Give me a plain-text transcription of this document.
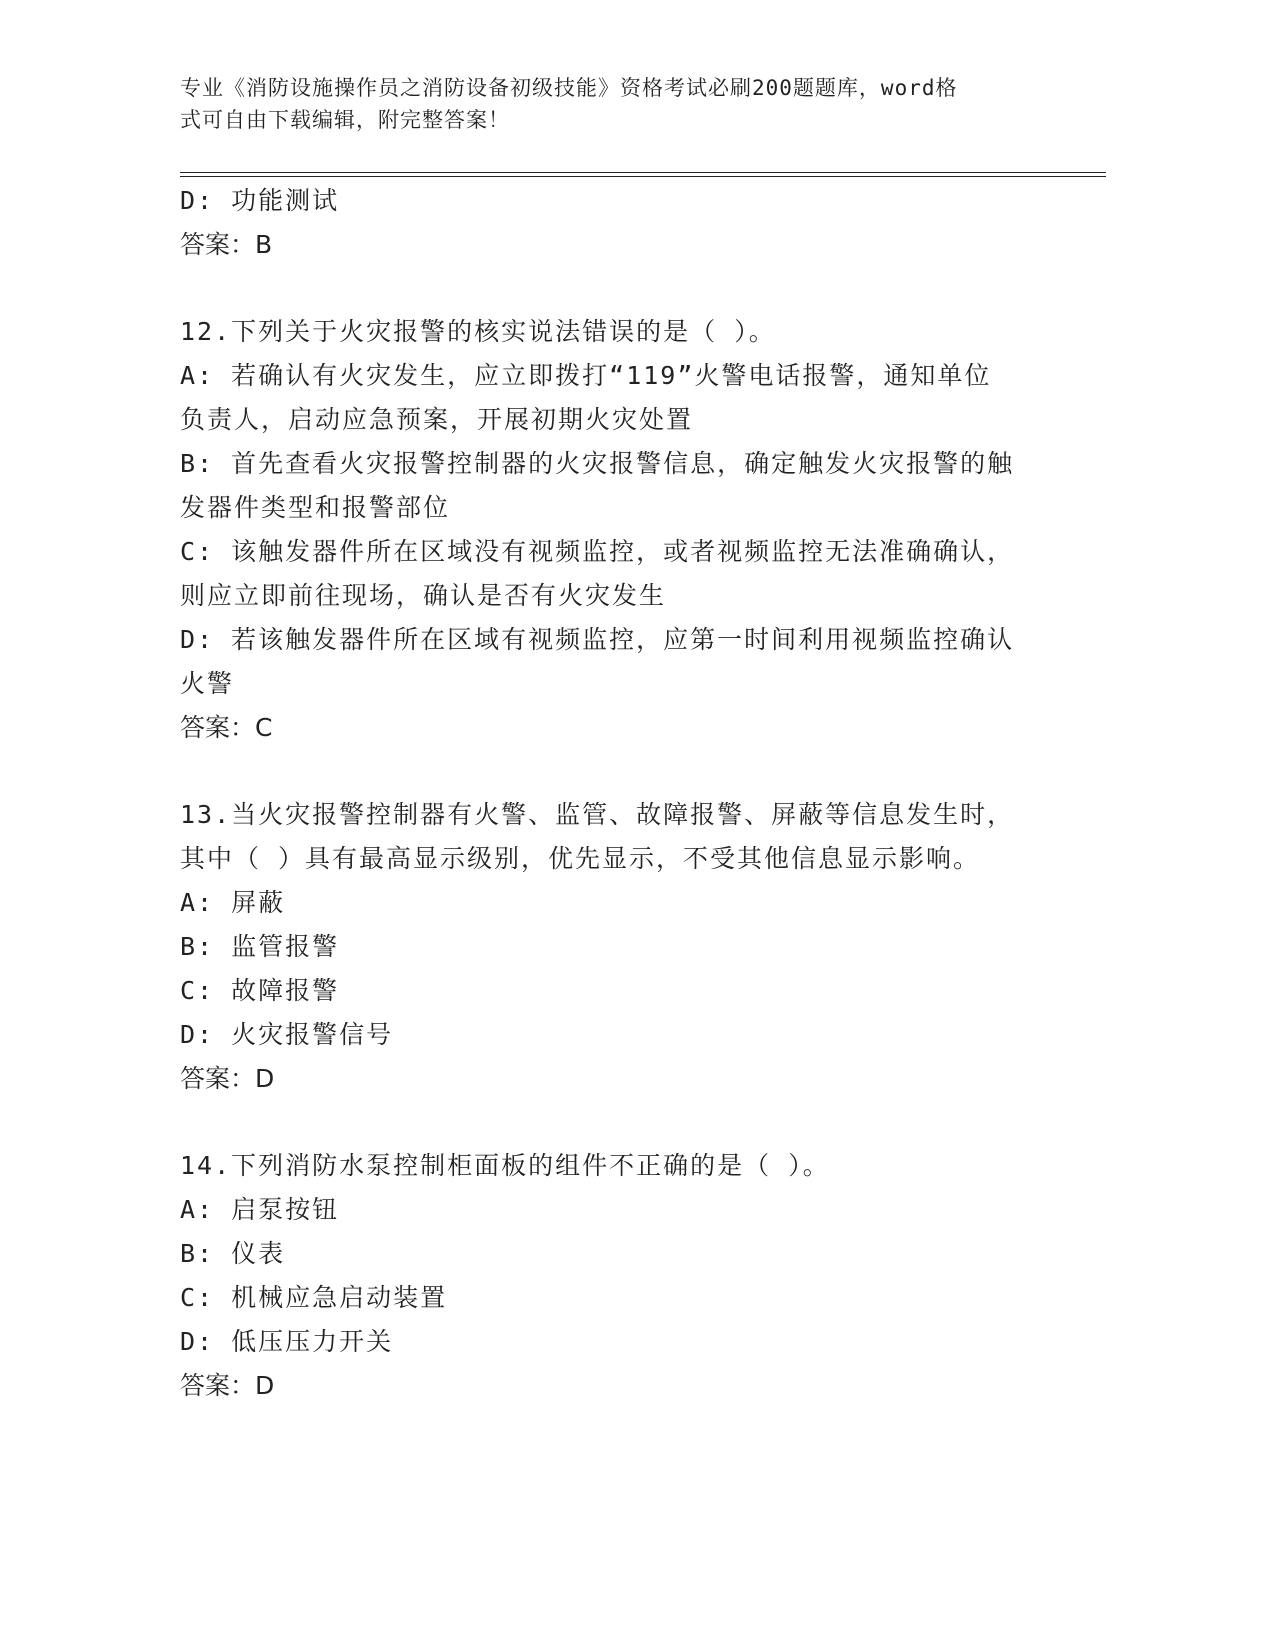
专业《消防设施操作员之消防设备初级技能》资格考试必刷200题题库，word格
式可自由下载编辑，附完整答案！
D: 功能测试
答案：B
12.下列关于火灾报警的核实说法错误的是（ ）。
A: 若确认有火灾发生，应立即拨打“119”火警电话报警，通知单位
负责人，启动应急预案，开展初期火灾处置
B: 首先查看火灾报警控制器的火灾报警信息，确定触发火灾报警的触
发器件类型和报警部位
C: 该触发器件所在区域没有视频监控，或者视频监控无法准确确认，
则应立即前往现场，确认是否有火灾发生
D: 若该触发器件所在区域有视频监控，应第一时间利用视频监控确认
火警
答案：C
13.当火灾报警控制器有火警、监管、故障报警、屏蔽等信息发生时，
其中（ ）具有最高显示级别，优先显示，不受其他信息显示影响。
A: 屏蔽
B: 监管报警
C: 故障报警
D: 火灾报警信号
答案：D
14.下列消防水泵控制柜面板的组件不正确的是（ ）。
A: 启泵按钮
B: 仪表
C: 机械应急启动装置
D: 低压压力开关
答案：D
